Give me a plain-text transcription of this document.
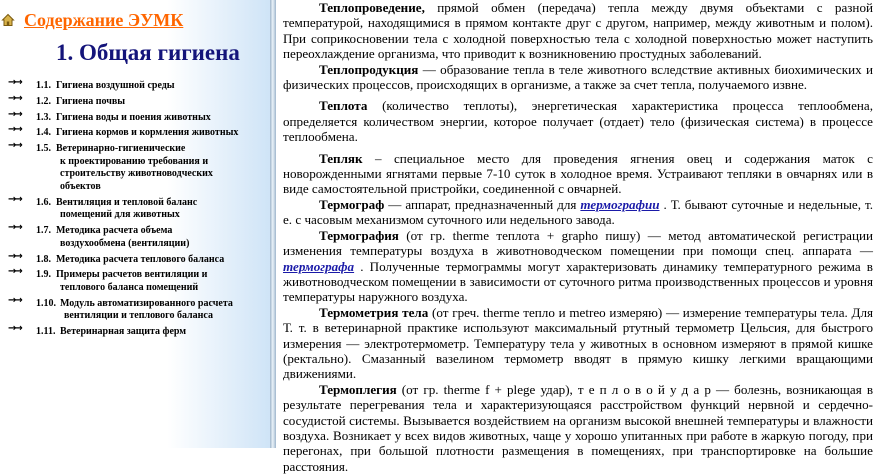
Содержание ЭУМК
1. Общая гигиена
→→ 1.1. Гигиена воздушной среды
→→ 1.2. Гигиена почвы
→→ 1.3. Гигиена воды и поения животных
→→ 1.4. Гигиена кормов и кормления животных
→→ 1.5. Ветеринарно-гигиенические
к проектированию требования и
строительству животноводческих
объектов
→→ 1.6. Вентиляция и тепловой баланс
помещений для животных
→→ 1.7. Методика расчета объема
воздухообмена (вентиляции)
→→ 1.8. Методика расчета теплового баланса
→→ 1.9. Примеры расчетов вентиляции и
теплового баланса помещений
→→ 1.10. Модуль автоматизированного расчета
вентиляции и теплового баланса
→→ 1.11. Ветеринарная защита ферм

Теплопроведение, прямой обмен (передача) тепла между двумя объектами с разной температурой, находящимися в прямом контакте друг с другом, например, между животным и полом). При соприкосновении тела с холодной поверхностью тела с холодной поверхностью может наступить переохлаждение организма, что приводит к возникновению простудных заболеваний.

Теплопродукция — образование тепла в теле животного вследствие активных биохимических и физических процессов, происходящих в организме, а также за счет тепла, получаемого извне.

Теплота (количество теплоты), энергетическая характеристика процесса теплообмена, определяется количеством энергии, которое получает (отдает) тело (физическая система) в процессе теплообмена.

Тепляк – специальное место для проведения ягнения овец и содержания маток с новорожденными ягнятами первые 7-10 суток в холодное время. Устраивают тепляки в овчарнях или в виде самостоятельной пристройки, соединенной с овчарней.

Термограф — аппарат, предназначенный для термографии . Т. бывают суточные и недельные, т. е. с часовым механизмом суточного или недельного завода.

Термография (от гр. therme теплота + grapho пишу) — метод автоматической регистрации изменения температуры воздуха в животноводческом помещении при помощи спец. аппарата — термографа . Полученные термограммы могут характеризовать динамику температурного режима в животноводческом помещении в зависимости от суточного ритма производственных процессов и уровня температуры наружного воздуха.

Термометрия тела (от греч. therme тепло и metreo измеряю) — измерение температуры тела. Для Т. т. в ветеринарной практике используют максимальный ртутный термометр Цельсия, для быстрого измерения — электротермометр. Температуру тела у животных в основном измеряют в прямой кишке (ректально). Смазанный вазелином термометр вводят в прямую кишку легкими вращающими движениями.

Термоплегия (от гр. therme f + plege удар), т е п л о в о й у д а р — болезнь, возникающая в результате перегревания тела и характеризующаяся расстройством функций нервной и сердечно-сосудистой системы. Вызывается воздействием на организм высокой внешней температуры и влажности воздуха. Возникает у всех видов животных, чаще у хорошо упитанных при работе в жаркую погоду, при перегонах, при большой плотности размещения в помещениях, при транспортировке на большие расстояния.
